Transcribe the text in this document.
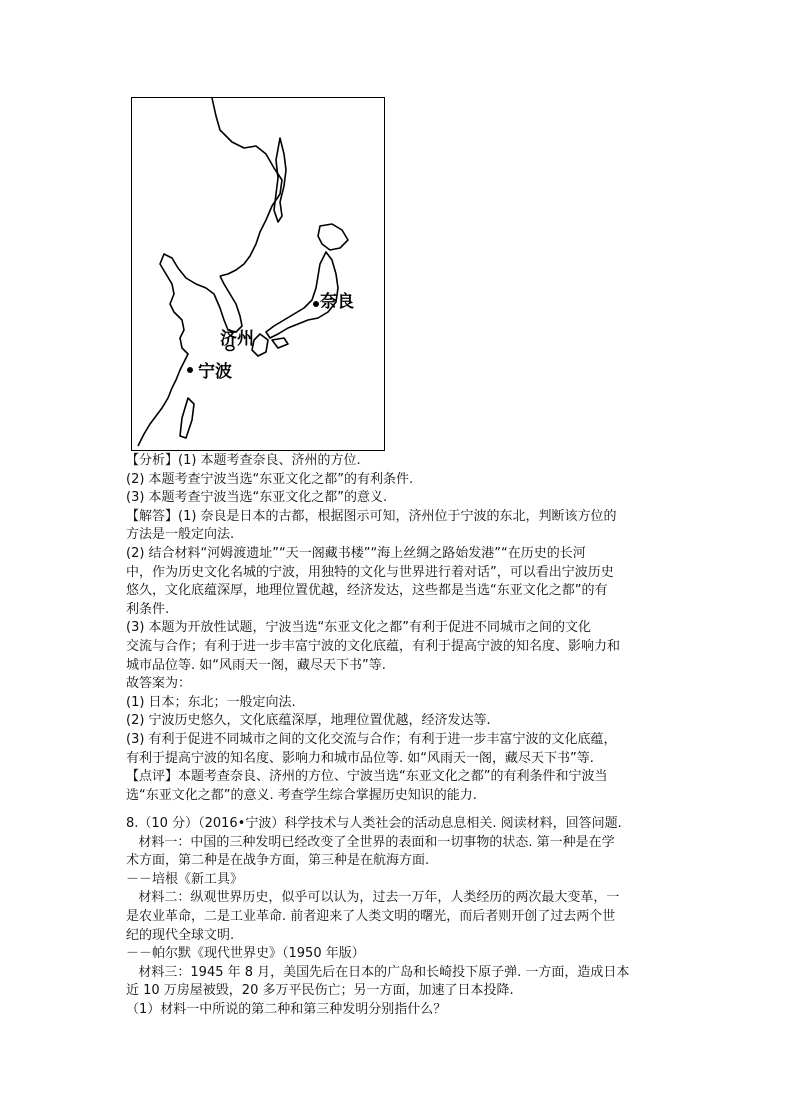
奈良
济州
宁波
【分析】(1) 本题考查奈良、济州的方位.
(2) 本题考查宁波当选“东亚文化之都”的有利条件.
(3) 本题考查宁波当选“东亚文化之都”的意义.
【解答】(1) 奈良是日本的古都，根据图示可知，济州位于宁波的东北，判断该方位的
方法是一般定向法.
(2) 结合材料“河姆渡遗址”“天一阁藏书楼”“海上丝绸之路始发港”“在历史的长河
中，作为历史文化名城的宁波，用独特的文化与世界进行着对话”，可以看出宁波历史
悠久，文化底蕴深厚，地理位置优越，经济发达，这些都是当选“东亚文化之都”的有
利条件.
(3) 本题为开放性试题，宁波当选“东亚文化之都”有利于促进不同城市之间的文化
交流与合作；有利于进一步丰富宁波的文化底蕴，有利于提高宁波的知名度、影响力和
城市品位等. 如“风雨天一阁，藏尽天下书”等.
故答案为：
(1) 日本；东北；一般定向法.
(2) 宁波历史悠久，文化底蕴深厚，地理位置优越，经济发达等.
(3) 有利于促进不同城市之间的文化交流与合作；有利于进一步丰富宁波的文化底蕴，
有利于提高宁波的知名度、影响力和城市品位等. 如“风雨天一阁，藏尽天下书”等.
【点评】本题考查奈良、济州的方位、宁波当选“东亚文化之都”的有利条件和宁波当
选“东亚文化之都”的意义. 考查学生综合掌握历史知识的能力.
8.（10 分）（2016•宁波）科学技术与人类社会的活动息息相关. 阅读材料，回答问题.
材料一：中国的三种发明已经改变了全世界的表面和一切事物的状态. 第一种是在学
术方面，第二种是在战争方面，第三种是在航海方面.
－－培根《新工具》
材料二：纵观世界历史，似乎可以认为，过去一万年，人类经历的两次最大变革，一
是农业革命，二是工业革命. 前者迎来了人类文明的曙光，而后者则开创了过去两个世
纪的现代全球文明.
－－帕尔默《现代世界史》（1950 年版）
材料三：1945 年 8 月，美国先后在日本的广岛和长崎投下原子弹. 一方面，造成日本
近 10 万房屋被毁，20 多万平民伤亡；另一方面，加速了日本投降.
（1）材料一中所说的第二种和第三种发明分别指什么？
